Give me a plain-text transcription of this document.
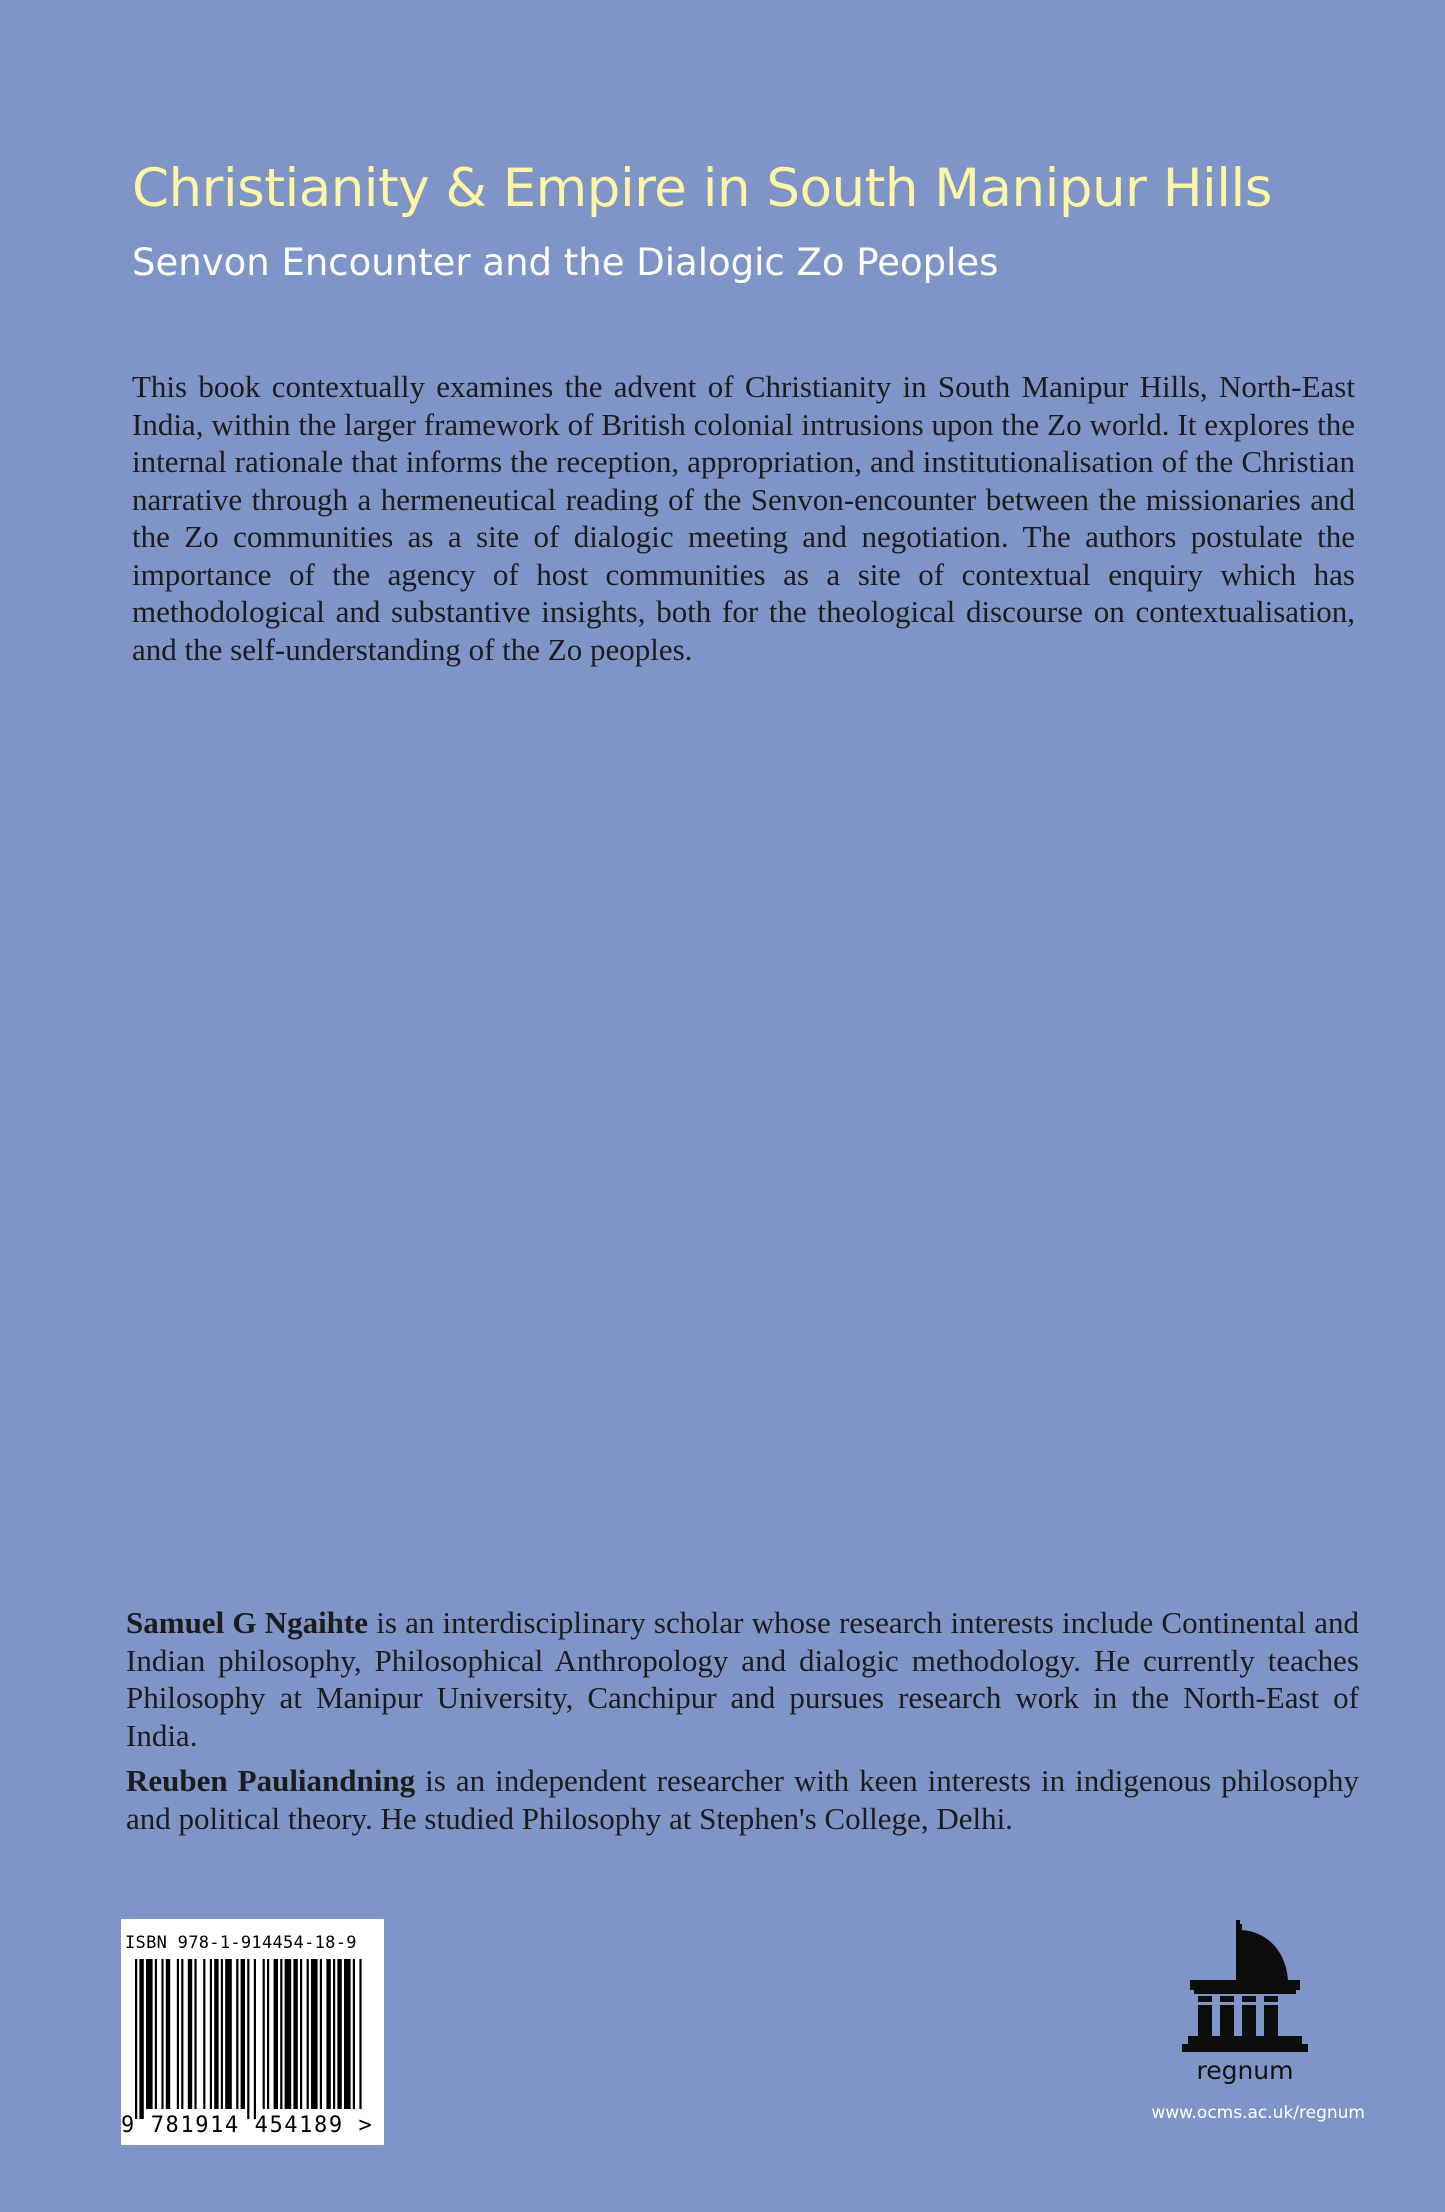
Christianity & Empire in South Manipur Hills
Senvon Encounter and the Dialogic Zo Peoples

This book contextually examines the advent of Christianity in South Manipur Hills, North-East India, within the larger framework of British colonial intrusions upon the Zo world. It explores the internal rationale that informs the reception, appropriation, and institutionalisation of the Christian narrative through a hermeneutical reading of the Senvon-encounter between the missionaries and the Zo communities as a site of dialogic meeting and negotiation. The authors postulate the importance of the agency of host communities as a site of contextual enquiry which has methodological and substantive insights, both for the theological discourse on contextualisation, and the self-understanding of the Zo peoples.

Samuel G Ngaihte is an interdisciplinary scholar whose research interests include Continental and Indian philosophy, Philosophical Anthropology and dialogic methodology. He currently teaches Philosophy at Manipur University, Canchipur and pursues research work in the North-East of India.

Reuben Pauliandning is an independent researcher with keen interests in indigenous philosophy and political theory. He studied Philosophy at Stephen's College, Delhi.

ISBN 978-1-914454-18-9

9 781914 454189 >

regnum

www.ocms.ac.uk/regnum
